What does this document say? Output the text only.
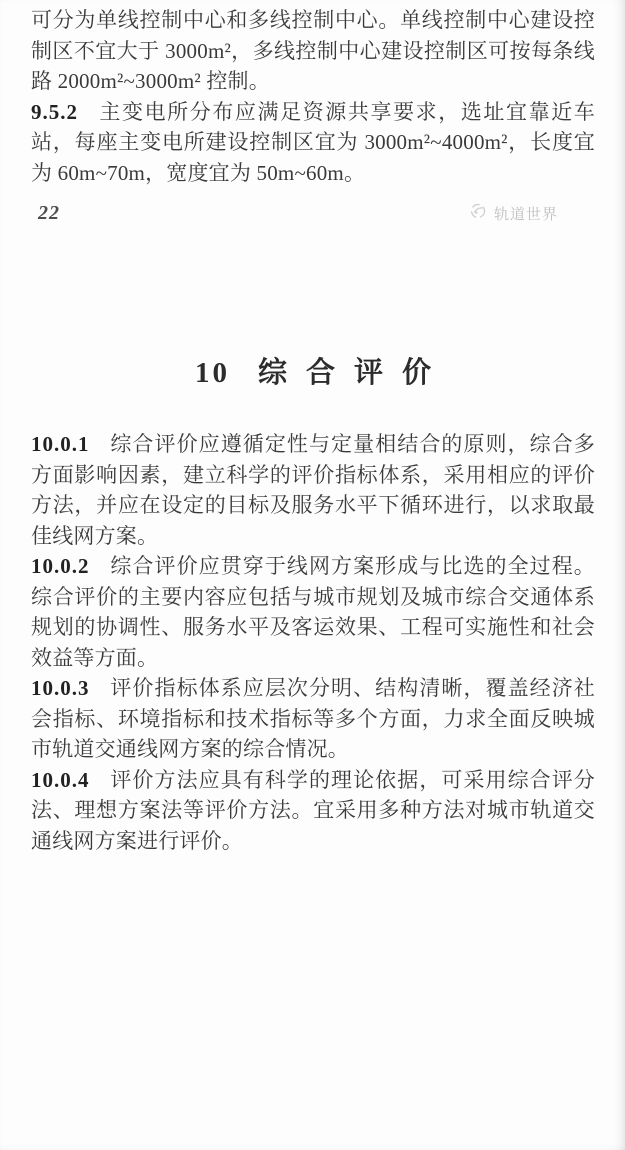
可分为单线控制中心和多线控制中心。单线控制中心建设控制区不宜大于 3000m²，多线控制中心建设控制区可按每条线路 2000m²~3000m² 控制。

9.5.2 主变电所分布应满足资源共享要求，选址宜靠近车站，每座主变电所建设控制区宜为 3000m²~4000m²，长度宜为 60m~70m，宽度宜为 50m~60m。

22	轨道世界
10 综合评价

10.0.1 综合评价应遵循定性与定量相结合的原则，综合多方面影响因素，建立科学的评价指标体系，采用相应的评价方法，并应在设定的目标及服务水平下循环进行，以求取最佳线网方案。

10.0.2 综合评价应贯穿于线网方案形成与比选的全过程。综合评价的主要内容应包括与城市规划及城市综合交通体系规划的协调性、服务水平及客运效果、工程可实施性和社会效益等方面。

10.0.3 评价指标体系应层次分明、结构清晰，覆盖经济社会指标、环境指标和技术指标等多个方面，力求全面反映城市轨道交通线网方案的综合情况。

10.0.4 评价方法应具有科学的理论依据，可采用综合评分法、理想方案法等评价方法。宜采用多种方法对城市轨道交通线网方案进行评价。
